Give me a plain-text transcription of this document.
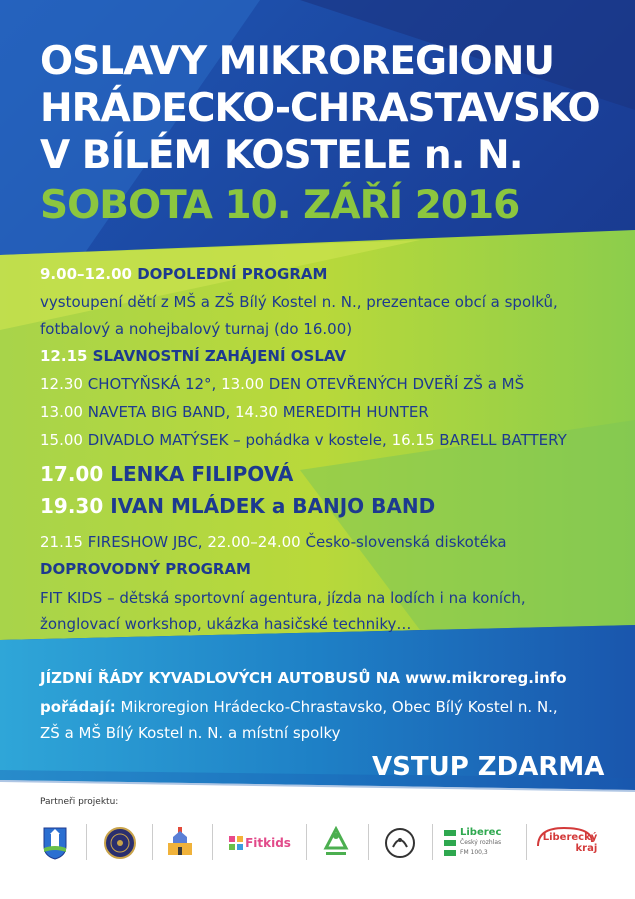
OSLAVY MIKROREGIONU
HRÁDECKO-CHRASTAVSKO
V BÍLÉM KOSTELE n. N.
SOBOTA 10. ZÁŘÍ 2016
9.00–12.00 DOPOLEDNÍ PROGRAM
vystoupení dětí z MŠ a ZŠ Bílý Kostel n. N., prezentace obcí a spolků,
fotbalový a nohejbalový turnaj (do 16.00)
12.15 SLAVNOSTNÍ ZAHÁJENÍ OSLAV
12.30 CHOTYŇSKÁ 12°, 13.00 DEN OTEVŘENÝCH DVEŘÍ ZŠ a MŠ
13.00 NAVETA BIG BAND, 14.30 MEREDITH HUNTER
15.00 DIVADLO MATÝSEK – pohádka v kostele, 16.15 BARELL BATTERY
17.00 LENKA FILIPOVÁ
19.30 IVAN MLÁDEK a BANJO BAND
21.15 FIRESHOW JBC, 22.00–24.00 Česko-slovenská diskotéka
DOPROVODNÝ PROGRAM
FIT KIDS – dětská sportovní agentura, jízda na lodích i na koních,
žonglovací workshop, ukázka hasičské techniky…
JÍZDNÍ ŘÁDY KYVADLOVÝCH AUTOBUSŮ NA www.mikroreg.info
pořádají: Mikroregion Hrádecko-Chrastavsko, Obec Bílý Kostel n. N.,
ZŠ a MŠ Bílý Kostel n. N. a místní spolky
VSTUP ZDARMA
Partneři projektu:
Fitkids
Liberec
Český rozhlas
FM 100,3
Liberecký
kraj
